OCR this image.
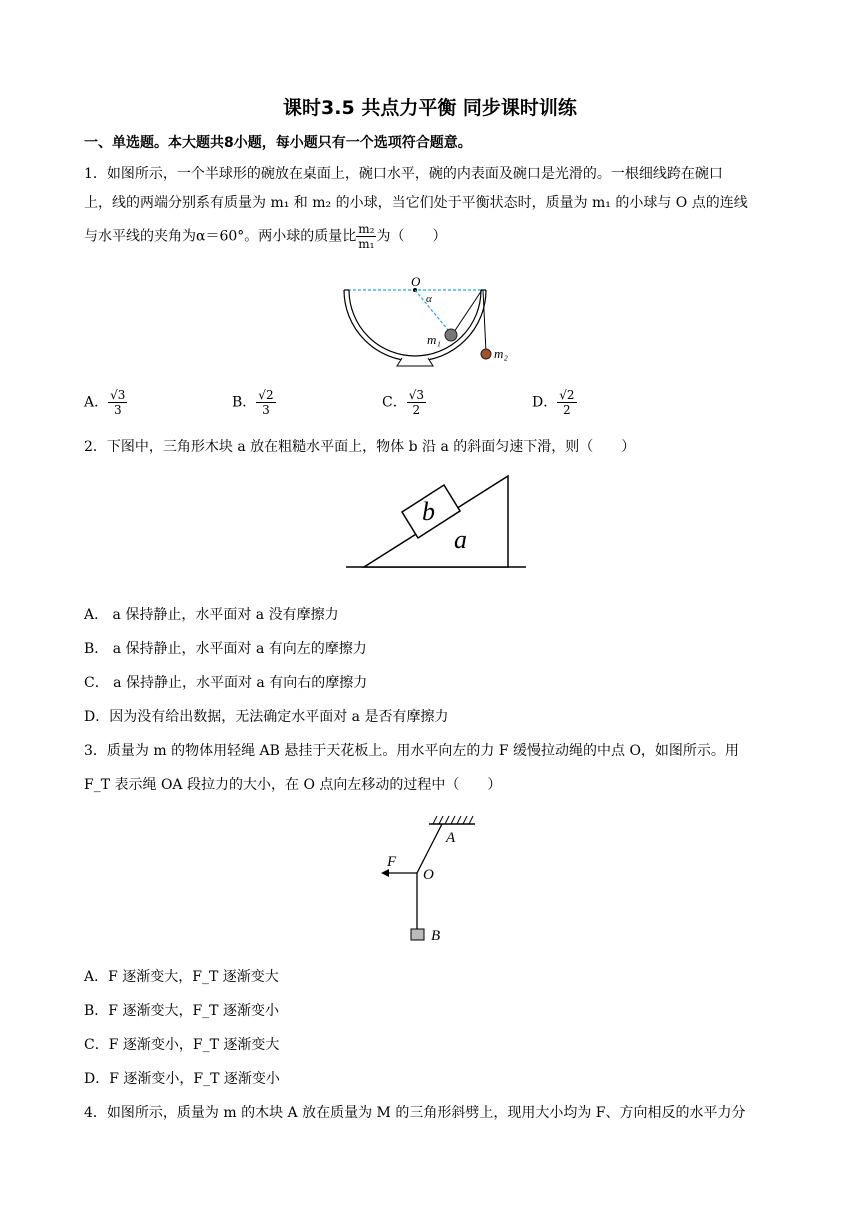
课时3.5 共点力平衡 同步课时训练
一、单选题。本大题共8小题，每小题只有一个选项符合题意。
1．如图所示，一个半球形的碗放在桌面上，碗口水平，碗的内表面及碗口是光滑的。一根细线跨在碗口
上，线的两端分别系有质量为 m₁ 和 m₂ 的小球，当它们处于平衡状态时，质量为 m₁ 的小球与 O 点的连线
与水平线的夹角为α＝60°。两小球的质量比 $\frac{\text{m₂}}{\text{m₁}}$ 为（　　）
O
α
m₁
m₂
A． $\frac{√3}{3}$	B． $\frac{√2}{3}$	C． $\frac{√3}{2}$	D． $\frac{√2}{2}$
2．下图中，三角形木块 a 放在粗糙水平面上，物体 b 沿 a 的斜面匀速下滑，则（　　）
b
a
A． a 保持静止，水平面对 a 没有摩擦力
B． a 保持静止，水平面对 a 有向左的摩擦力
C． a 保持静止，水平面对 a 有向右的摩擦力
D．因为没有给出数据，无法确定水平面对 a 是否有摩擦力
3．质量为 m 的物体用轻绳 AB 悬挂于天花板上。用水平向左的力 F 缓慢拉动绳的中点 O，如图所示。用
F_T 表示绳 OA 段拉力的大小，在 O 点向左移动的过程中（　　）
A
F
O
B
A．F 逐渐变大，F_T 逐渐变大
B．F 逐渐变大，F_T 逐渐变小
C．F 逐渐变小，F_T 逐渐变大
D．F 逐渐变小，F_T 逐渐变小
4．如图所示，质量为 m 的木块 A 放在质量为 M 的三角形斜劈上，现用大小均为 F、方向相反的水平力分
